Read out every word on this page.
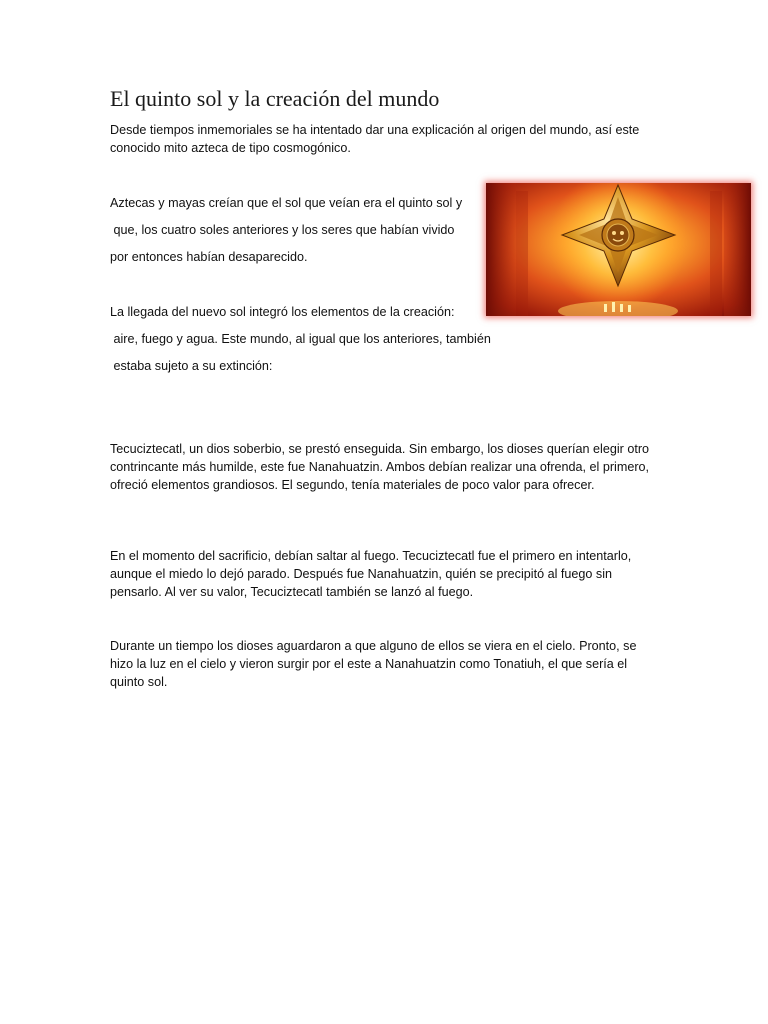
El quinto sol y la creación del mundo

Desde tiempos inmemoriales se ha intentado dar una explicación al origen del mundo, así este

conocido mito azteca de tipo cosmogónico.

Aztecas y mayas creían que el sol que veían era el quinto sol y

que, los cuatro soles anteriores y los seres que habían vivido

por entonces habían desaparecido.

La llegada del nuevo sol integró los elementos de la creación:

aire, fuego y agua. Este mundo, al igual que los anteriores, también

estaba sujeto a su extinción:

Tecuciztecatl, un dios soberbio, se prestó enseguida. Sin embargo, los dioses querían elegir otro contrincante más humilde, este fue Nanahuatzin. Ambos debían realizar una ofrenda, el primero, ofreció elementos grandiosos. El segundo, tenía materiales de poco valor para ofrecer.

En el momento del sacrificio, debían saltar al fuego. Tecuciztecatl fue el primero en intentarlo, aunque el miedo lo dejó parado. Después fue Nanahuatzin, quién se precipitó al fuego sin pensarlo. Al ver su valor, Tecuciztecatl también se lanzó al fuego.

Durante un tiempo los dioses aguardaron a que alguno de ellos se viera en el cielo. Pronto, se hizo la luz en el cielo y vieron surgir por el este a Nanahuatzin como Tonatiuh, el que sería el quinto sol.
